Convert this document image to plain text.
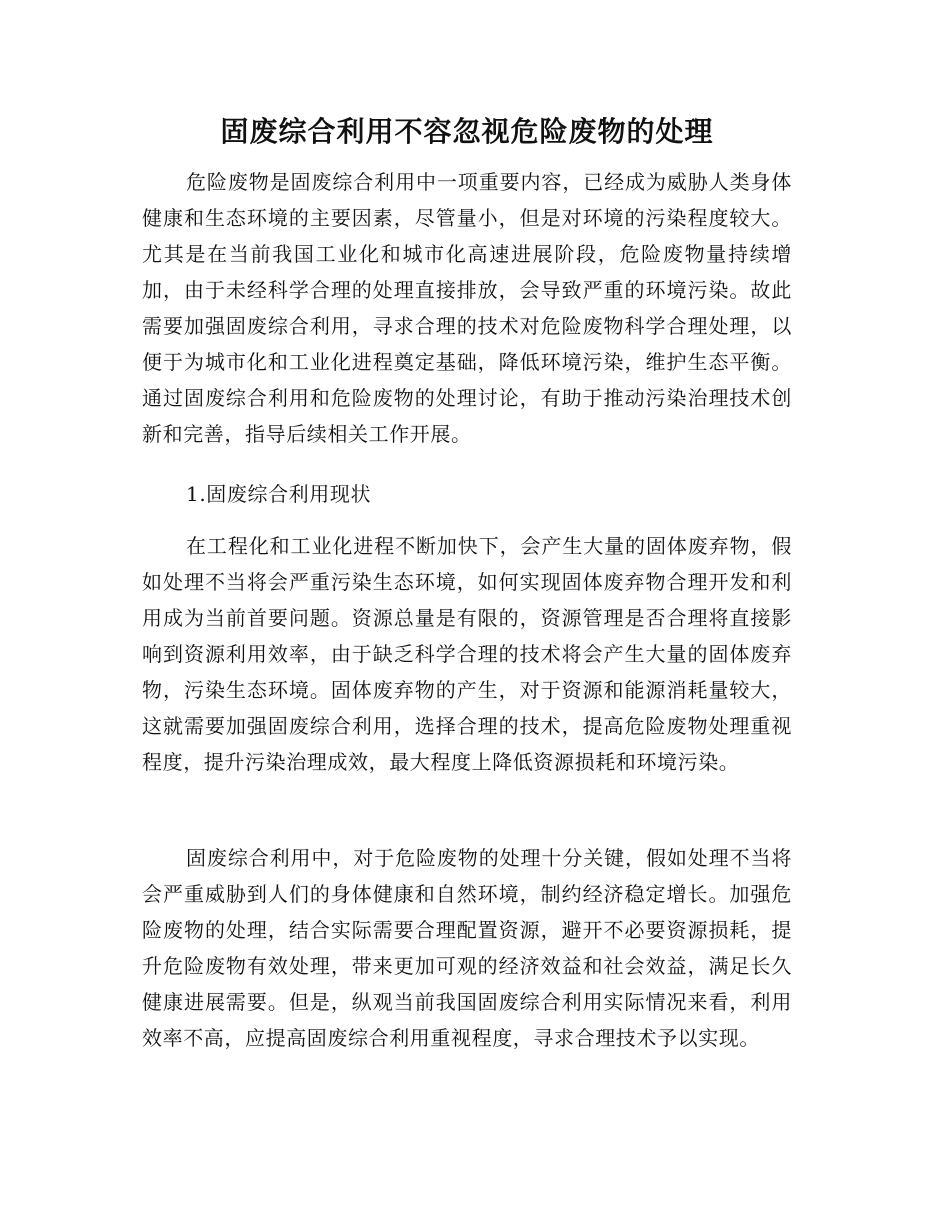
固废综合利用不容忽视危险废物的处理

危险废物是固废综合利用中一项重要内容，已经成为威胁人类身体健康和生态环境的主要因素，尽管量小，但是对环境的污染程度较大。尤其是在当前我国工业化和城市化高速进展阶段，危险废物量持续增加，由于未经科学合理的处理直接排放，会导致严重的环境污染。故此需要加强固废综合利用，寻求合理的技术对危险废物科学合理处理，以便于为城市化和工业化进程奠定基础，降低环境污染，维护生态平衡。通过固废综合利用和危险废物的处理讨论，有助于推动污染治理技术创新和完善，指导后续相关工作开展。

1.固废综合利用现状

在工程化和工业化进程不断加快下，会产生大量的固体废弃物，假如处理不当将会严重污染生态环境，如何实现固体废弃物合理开发和利用成为当前首要问题。资源总量是有限的，资源管理是否合理将直接影响到资源利用效率，由于缺乏科学合理的技术将会产生大量的固体废弃物，污染生态环境。固体废弃物的产生，对于资源和能源消耗量较大，这就需要加强固废综合利用，选择合理的技术，提高危险废物处理重视程度，提升污染治理成效，最大程度上降低资源损耗和环境污染。

固废综合利用中，对于危险废物的处理十分关键，假如处理不当将会严重威胁到人们的身体健康和自然环境，制约经济稳定增长。加强危险废物的处理，结合实际需要合理配置资源，避开不必要资源损耗，提升危险废物有效处理，带来更加可观的经济效益和社会效益，满足长久健康进展需要。但是，纵观当前我国固废综合利用实际情况来看，利用效率不高，应提高固废综合利用重视程度，寻求合理技术予以实现。
